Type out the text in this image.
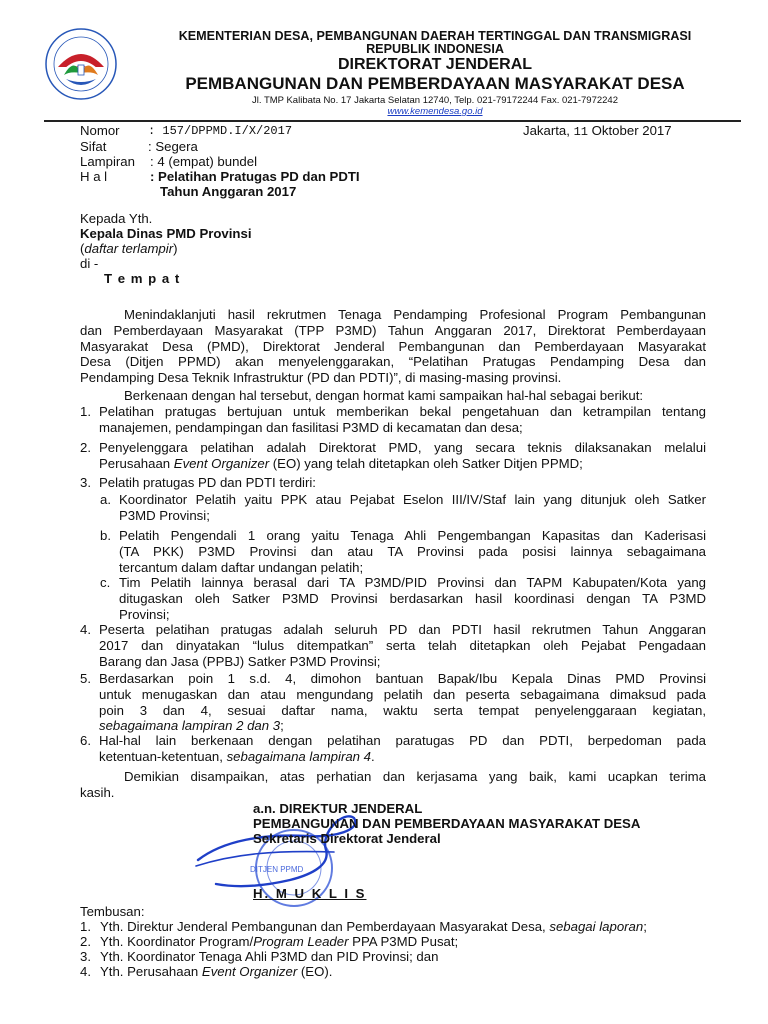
KEMENTERIAN DESA, PEMBANGUNAN DAERAH TERTINGGAL DAN TRANSMIGRASI
REPUBLIK INDONESIA
DIREKTORAT JENDERAL
PEMBANGUNAN DAN PEMBERDAYAAN MASYARAKAT DESA
Jl. TMP Kalibata No. 17 Jakarta Selatan 12740, Telp. 021-79172244 Fax. 021-7972242
www.kemendesa.go.id
Nomor : 157/DPPMD.I/X/2017	Jakarta, 11 Oktober 2017
Sifat	: Segera
Lampiran : 4 (empat) bundel
H a l	: Pelatihan Pratugas PD dan PDTI
Tahun Anggaran 2017
Kepada Yth.
Kepala Dinas PMD Provinsi
(daftar terlampir)
di -
T e m p a t
Menindaklanjuti hasil rekrutmen Tenaga Pendamping Profesional Program Pembangunan
dan Pemberdayaan Masyarakat (TPP P3MD) Tahun Anggaran 2017, Direktorat Pemberdayaan
Masyarakat Desa (PMD), Direktorat Jenderal Pembangunan dan Pemberdayaan Masyarakat
Desa (Ditjen PPMD) akan menyelenggarakan, “Pelatihan Pratugas Pendamping Desa dan
Pendamping Desa Teknik Infrastruktur (PD dan PDTI)”, di masing-masing provinsi.
Berkenaan dengan hal tersebut, dengan hormat kami sampaikan hal-hal sebagai berikut:
1. Pelatihan pratugas bertujuan untuk memberikan bekal pengetahuan dan ketrampilan tentang
manajemen, pendampingan dan fasilitasi P3MD di kecamatan dan desa;
2. Penyelenggara pelatihan adalah Direktorat PMD, yang secara teknis dilaksanakan melalui
Perusahaan Event Organizer (EO) yang telah ditetapkan oleh Satker Ditjen PPMD;
3. Pelatih pratugas PD dan PDTI terdiri:
a. Koordinator Pelatih yaitu PPK atau Pejabat Eselon III/IV/Staf lain yang ditunjuk oleh Satker
P3MD Provinsi;
b. Pelatih Pengendali 1 orang yaitu Tenaga Ahli Pengembangan Kapasitas dan Kaderisasi
(TA PKK) P3MD Provinsi dan atau TA Provinsi pada posisi lainnya sebagaimana
tercantum dalam daftar undangan pelatih;
c. Tim Pelatih lainnya berasal dari TA P3MD/PID Provinsi dan TAPM Kabupaten/Kota yang
ditugaskan oleh Satker P3MD Provinsi berdasarkan hasil koordinasi dengan TA P3MD
Provinsi;
4. Peserta pelatihan pratugas adalah seluruh PD dan PDTI hasil rekrutmen Tahun Anggaran
2017 dan dinyatakan “lulus ditempatkan” serta telah ditetapkan oleh Pejabat Pengadaan
Barang dan Jasa (PPBJ) Satker P3MD Provinsi;
5. Berdasarkan poin 1 s.d. 4, dimohon bantuan Bapak/Ibu Kepala Dinas PMD Provinsi
untuk menugaskan dan atau mengundang pelatih dan peserta sebagaimana dimaksud pada
poin 3 dan 4, sesuai daftar nama, waktu serta tempat penyelenggaraan kegiatan,
sebagaimana lampiran 2 dan 3;
6. Hal-hal lain berkenaan dengan pelatihan paratugas PD dan PDTI, berpedoman pada
ketentuan-ketentuan, sebagaimana lampiran 4.
Demikian disampaikan, atas perhatian dan kerjasama yang baik, kami ucapkan terima
kasih.
DITJEN PPMD
a.n. DIREKTUR JENDERAL
PEMBANGUNAN DAN PEMBERDAYAAN MASYARAKAT DESA
Sekretaris Direktorat Jenderal
H. M U K L I S
Tembusan:
1. Yth. Direktur Jenderal Pembangunan dan Pemberdayaan Masyarakat Desa, sebagai laporan;
2. Yth. Koordinator Program/Program Leader PPA P3MD Pusat;
3. Yth. Koordinator Tenaga Ahli P3MD dan PID Provinsi; dan
4. Yth. Perusahaan Event Organizer (EO).
